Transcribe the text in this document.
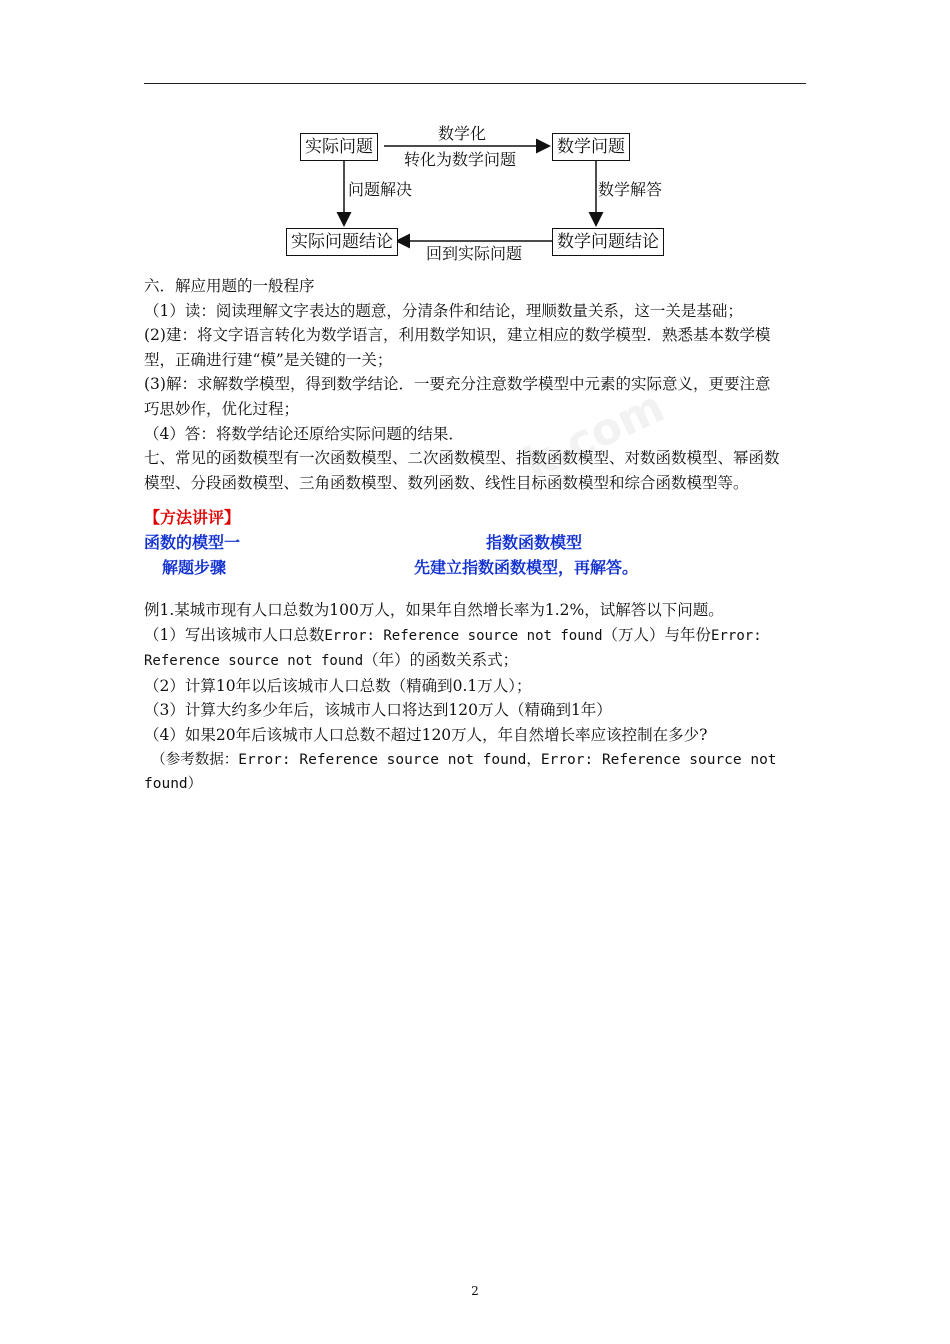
k.com
实际问题	数学问题
实际问题结论	数学问题结论
数学化
转化为数学问题
问题解决	数学解答
回到实际问题

六．解应用题的一般程序

（1）读：阅读理解文字表达的题意，分清条件和结论，理顺数量关系，这一关是基础；

(2)建：将文字语言转化为数学语言，利用数学知识，建立相应的数学模型．熟悉基本数学模

型，正确进行建“模”是关键的一关；

(3)解：求解数学模型，得到数学结论．一要充分注意数学模型中元素的实际意义，更要注意

巧思妙作，优化过程；

（4）答：将数学结论还原给实际问题的结果．

七、常见的函数模型有一次函数模型、二次函数模型、指数函数模型、对数函数模型、幂函数

模型、分段函数模型、三角函数模型、数列函数、线性目标函数模型和综合函数模型等。

【方法讲评】
函数的模型一	指数函数模型
解题步骤	先建立指数函数模型，再解答。

例1.某城市现有人口总数为100万人，如果年自然增长率为1.2%，试解答以下问题。

（1）写出该城市人口总数Error: Reference source not found（万人）与年份Error:

Reference source not found（年）的函数关系式；

（2）计算10年以后该城市人口总数（精确到0.1万人）；

（3）计算大约多少年后，该城市人口将达到120万人（精确到1年）

（4）如果20年后该城市人口总数不超过120万人，年自然增长率应该控制在多少?

　（参考数据：Error: Reference source not found，Error: Reference source not

found）

2
